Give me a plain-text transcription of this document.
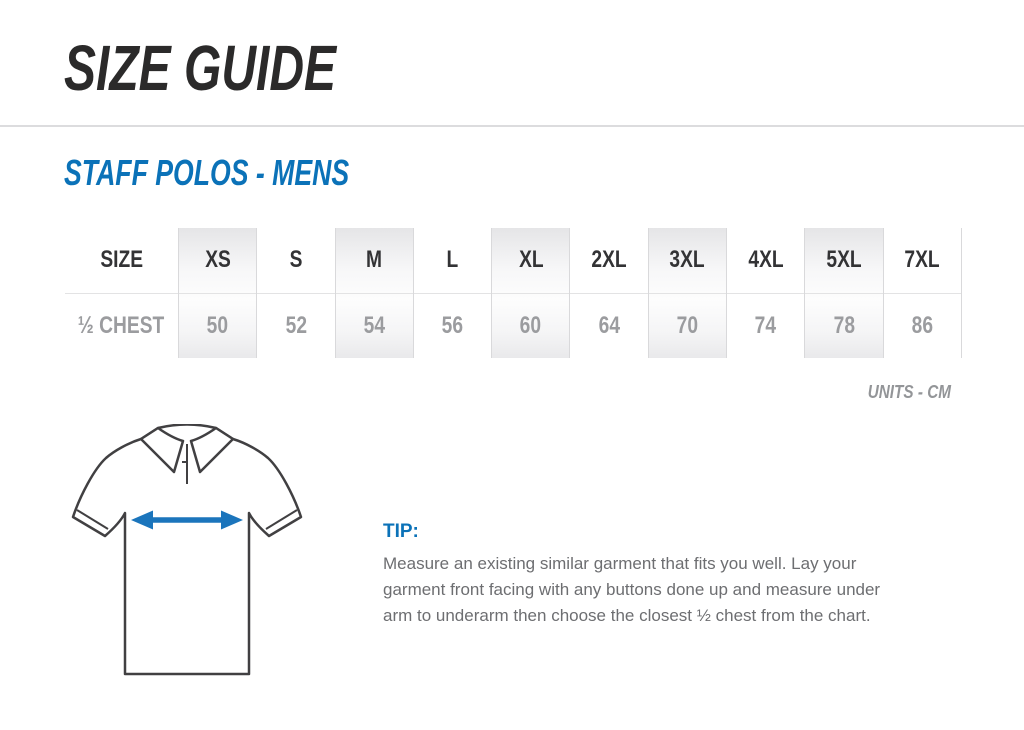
SIZE GUIDE
STAFF POLOS - MENS
SIZE
½ CHEST
XS
50
S
52
M
54
L
56
XL
60
2XL
64
3XL
70
4XL
74
5XL
78
7XL
86
UNITS - CM
TIP:
Measure an existing similar garment that fits you well. Lay your
garment front facing with any buttons done up and measure under
arm to underarm then choose the closest ½ chest from the chart.
